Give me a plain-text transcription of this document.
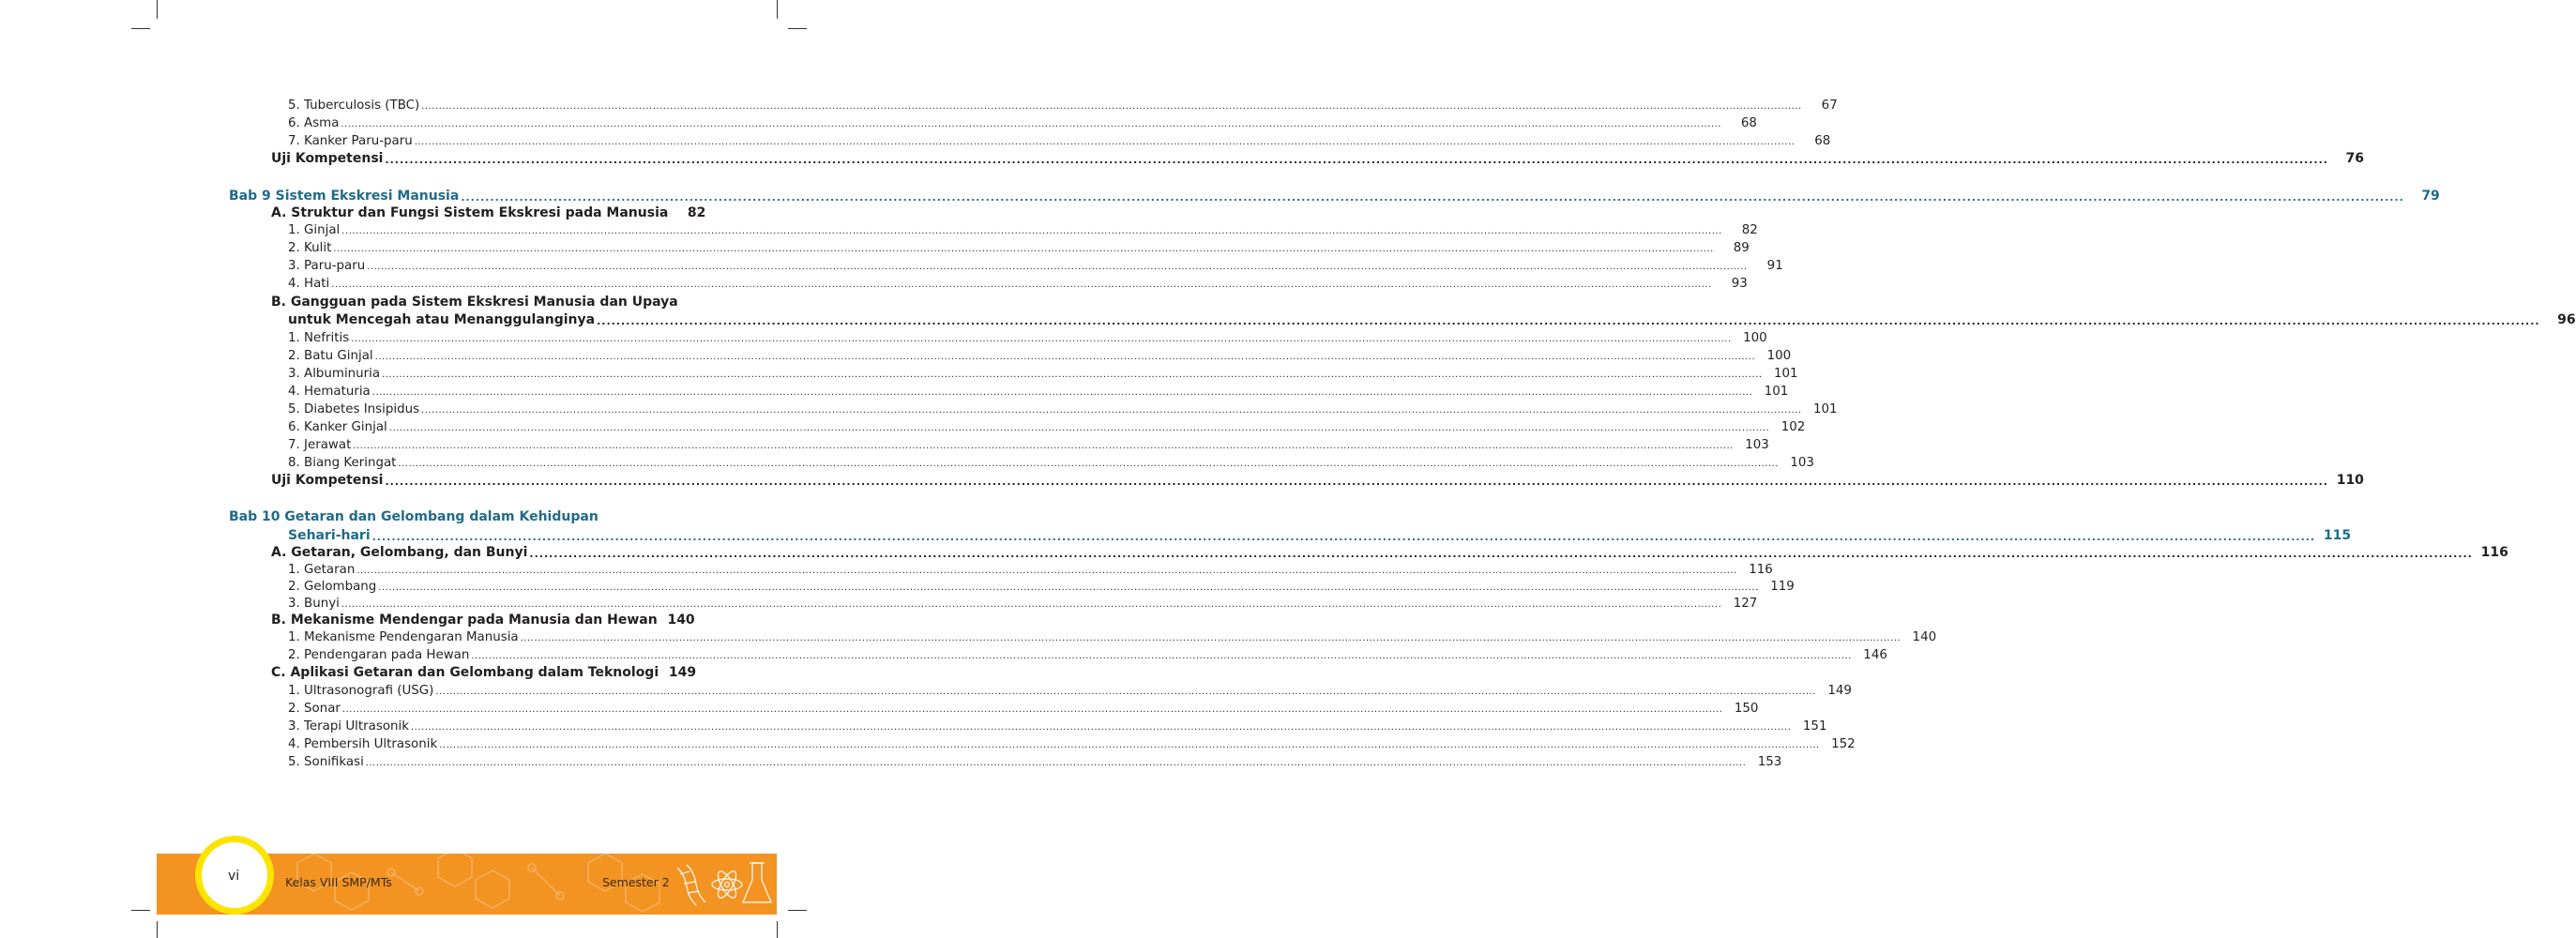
5. Tuberculosis (TBC) ................................................................................................................................................................................................................................................................................................................................................................................................................	67
6. Asma ................................................................................................................................................................................................................................................................................................................................................................................................................	68
7. Kanker Paru-paru ................................................................................................................................................................................................................................................................................................................................................................................................................	68
Uji Kompetensi ................................................................................................................................................................................................................................................................................................................................................................................................................	76
Bab 9 Sistem Ekskresi Manusia ................................................................................................................................................................................................................................................................................................................................................................................................................	79
A. Struktur dan Fungsi Sistem Ekskresi pada Manusia	82
1. Ginjal ................................................................................................................................................................................................................................................................................................................................................................................................................	82
2. Kulit ................................................................................................................................................................................................................................................................................................................................................................................................................	89
3. Paru-paru ................................................................................................................................................................................................................................................................................................................................................................................................................	91
4. Hati ................................................................................................................................................................................................................................................................................................................................................................................................................	93
B. Gangguan pada Sistem Ekskresi Manusia dan Upaya
untuk Mencegah atau Menanggulanginya ................................................................................................................................................................................................................................................................................................................................................................................................................	96
1. Nefritis ................................................................................................................................................................................................................................................................................................................................................................................................................ 100
2. Batu Ginjal ................................................................................................................................................................................................................................................................................................................................................................................................................ 100
3. Albuminuria ................................................................................................................................................................................................................................................................................................................................................................................................................ 101
4. Hematuria ................................................................................................................................................................................................................................................................................................................................................................................................................ 101
5. Diabetes Insipidus ................................................................................................................................................................................................................................................................................................................................................................................................................ 101
6. Kanker Ginjal ................................................................................................................................................................................................................................................................................................................................................................................................................ 102
7. Jerawat ................................................................................................................................................................................................................................................................................................................................................................................................................ 103
8. Biang Keringat ................................................................................................................................................................................................................................................................................................................................................................................................................ 103
Uji Kompetensi ................................................................................................................................................................................................................................................................................................................................................................................................................ 110
Bab 10 Getaran dan Gelombang dalam Kehidupan
Sehari-hari ................................................................................................................................................................................................................................................................................................................................................................................................................ 115
A. Getaran, Gelombang, dan Bunyi ................................................................................................................................................................................................................................................................................................................................................................................................................ 116
1. Getaran ................................................................................................................................................................................................................................................................................................................................................................................................................ 116
2. Gelombang ................................................................................................................................................................................................................................................................................................................................................................................................................ 119
3. Bunyi ................................................................................................................................................................................................................................................................................................................................................................................................................ 127
B. Mekanisme Mendengar pada Manusia dan Hewan 140
1. Mekanisme Pendengaran Manusia ................................................................................................................................................................................................................................................................................................................................................................................................................ 140
2. Pendengaran pada Hewan ................................................................................................................................................................................................................................................................................................................................................................................................................ 146
C. Aplikasi Getaran dan Gelombang dalam Teknologi 149
1. Ultrasonografi (USG) ................................................................................................................................................................................................................................................................................................................................................................................................................ 149
2. Sonar ................................................................................................................................................................................................................................................................................................................................................................................................................ 150
3. Terapi Ultrasonik ................................................................................................................................................................................................................................................................................................................................................................................................................ 151
4. Pembersih Ultrasonik ................................................................................................................................................................................................................................................................................................................................................................................................................ 152
5. Sonifikasi ................................................................................................................................................................................................................................................................................................................................................................................................................ 153
vi	Kelas VIII SMP/MTs	Semester 2
